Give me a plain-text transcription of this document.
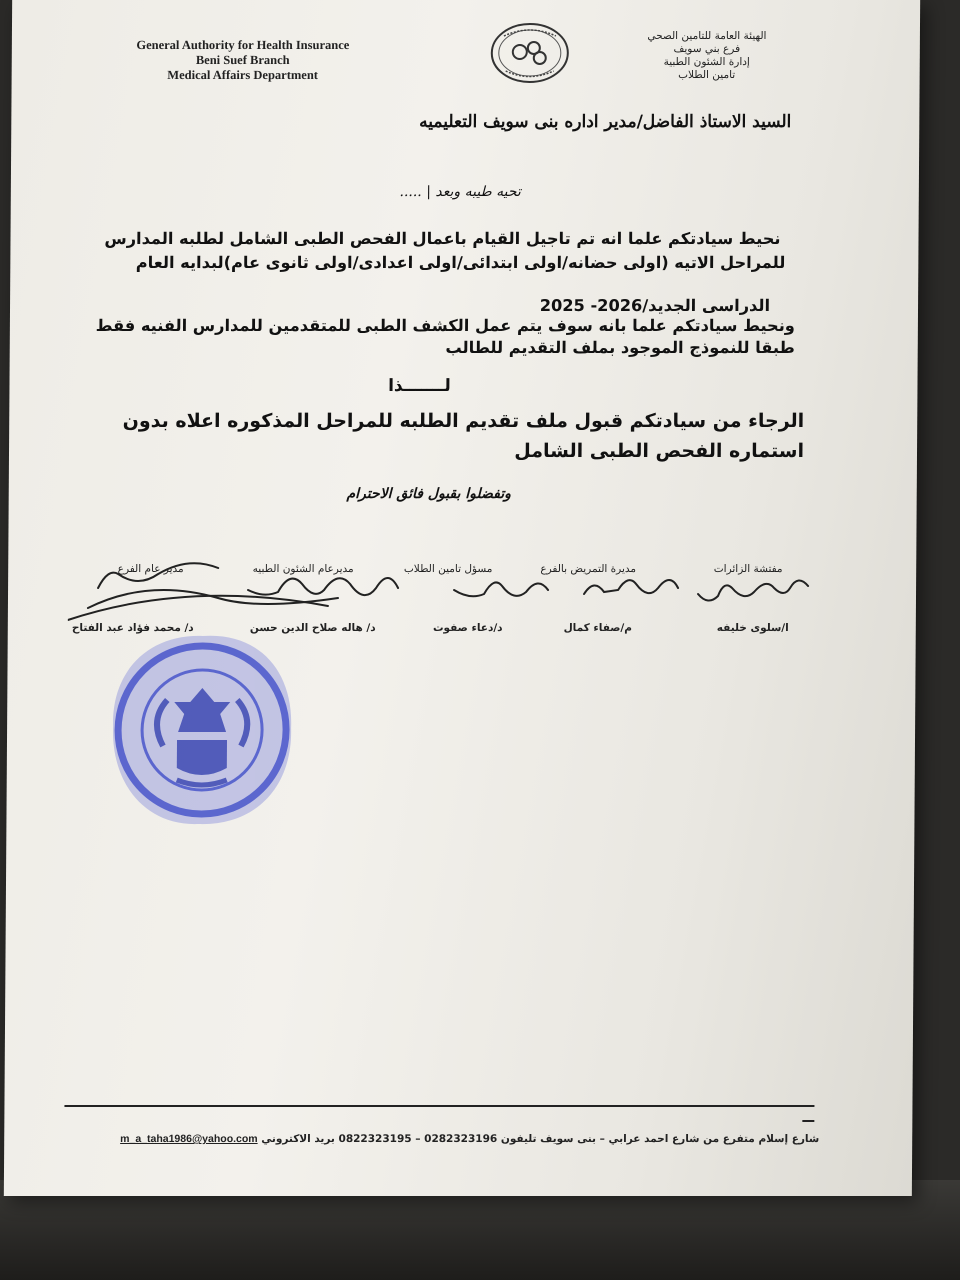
General Authority for Health Insurance
Beni Suef Branch
Medical Affairs Department
الهيئة العامة للتامين الصحي
فرع بني سويف
إدارة الشئون الطبية
تامين الطلاب
السيد الاستاذ الفاضل/مدير اداره بنى سويف التعليميه
تحيه طيبه وبعد | .....
نحيط سيادتكم علما انه تم تاجيل القيام باعمال الفحص الطبى الشامل لطلبه المدارس
للمراحل الاتيه (اولى حضانه/اولى ابتدائى/اولى اعدادى/اولى ثانوى عام)لبدايه العام
الدراسى الجديد/2026- 2025
ونحيط سيادتكم علما بانه سوف يتم عمل الكشف الطبى للمتقدمين للمدارس الفنيه فقط
طبقا للنموذج الموجود بملف التقديم للطالب
لـــــــذا
الرجاء من سيادتكم قبول ملف تقديم الطلبه للمراحل المذكوره اعلاه بدون
استماره الفحص الطبى الشامل
وتفضلوا بقبول فائق الاحترام
مفتشة الزائرات
مديرة التمريض بالفرع
مسؤل تامين الطلاب
مديرعام الشئون الطبيه
مدير عام الفرع
ا/سلوى خليفه
م/صفاء كمال
د/دعاء صفوت
د/ هاله صلاح الدين حسن
د/ محمد فؤاد عبد الفتاح
شارع إسلام متفرع من شارع احمد عرابي – بنى سويف تليفون 0282323196 – 0822323195 بريد الاكتروني m_a_taha1986@yahoo.com
